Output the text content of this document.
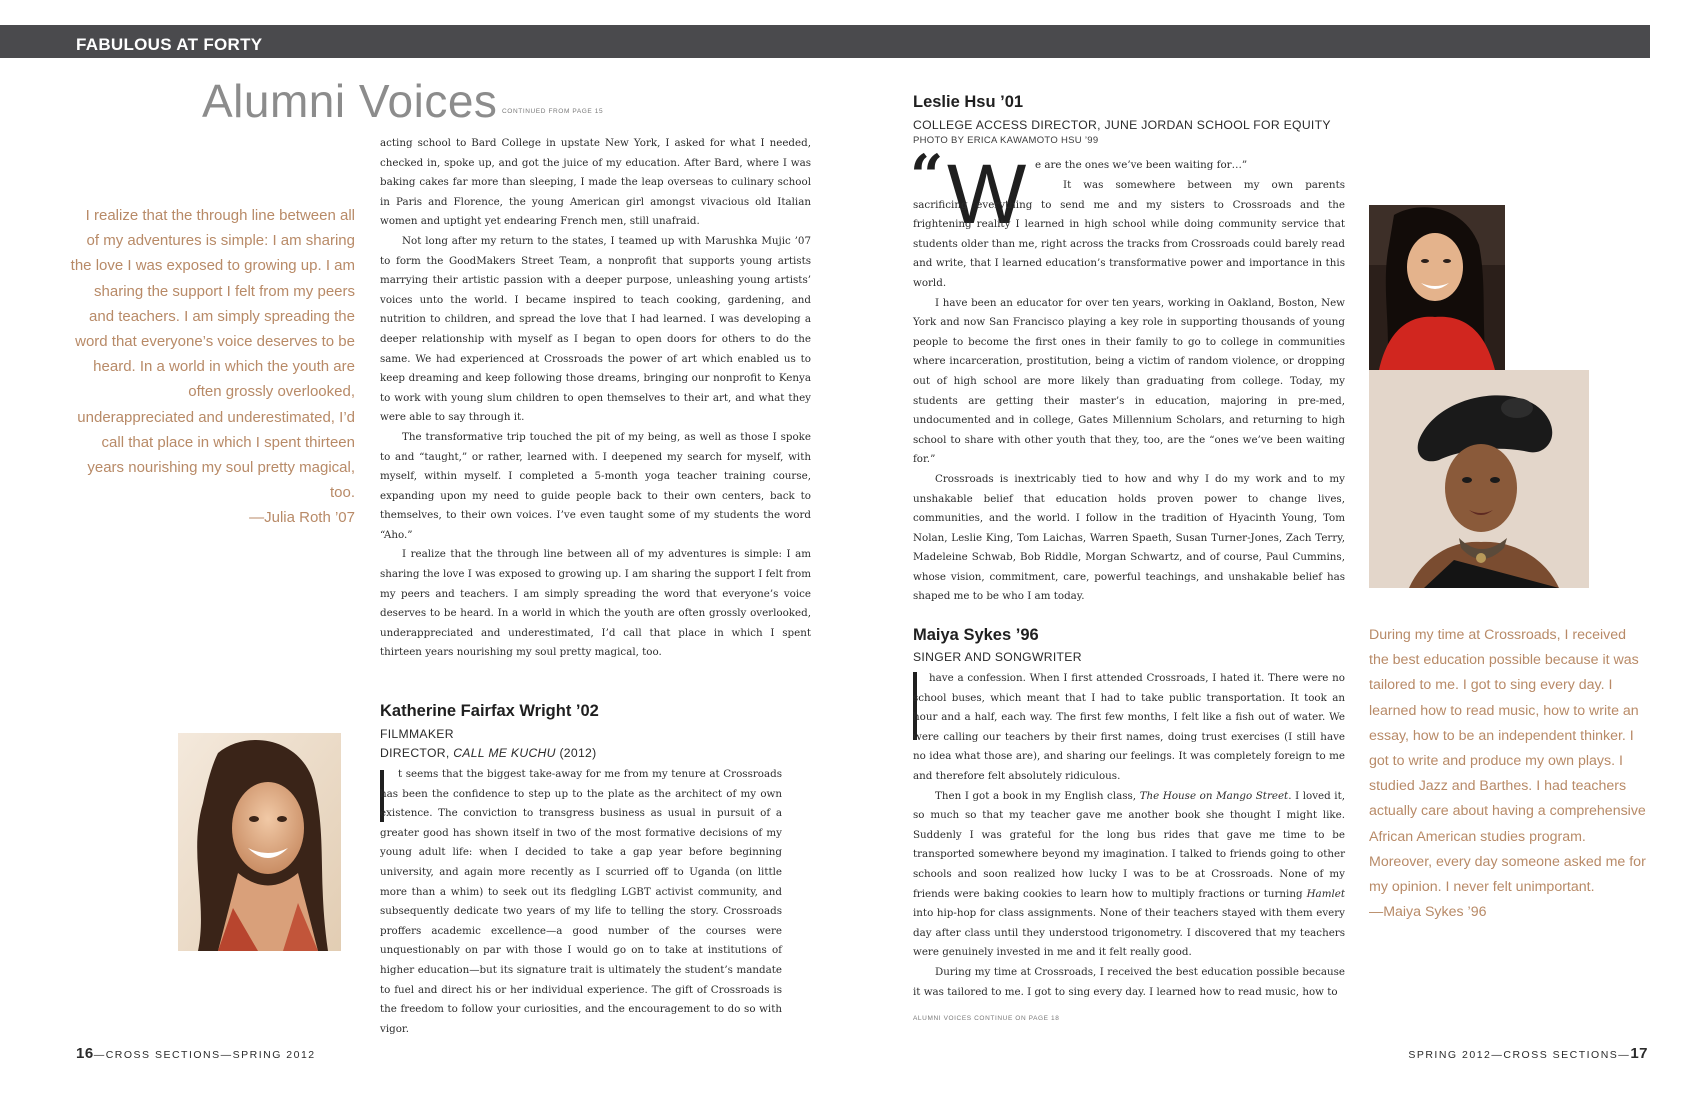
FABULOUS AT FORTY
Alumni Voices CONTINUED FROM PAGE 15
I realize that the through line between all of my adventures is simple: I am sharing the love I was exposed to growing up. I am sharing the support I felt from my peers and teachers. I am simply spreading the word that everyone’s voice deserves to be heard. In a world in which the youth are often grossly overlooked, underappreciated and underestimated, I’d call that place in which I spent thirteen years nourishing my soul pretty magical, too.
—Julia Roth ’07

acting school to Bard College in upstate New York, I asked for what I needed, checked in, spoke up, and got the juice of my education. After Bard, where I was baking cakes far more than sleeping, I made the leap overseas to culinary school in Paris and Florence, the young American girl amongst vivacious old Italian women and uptight yet endearing French men, still unafraid.

Not long after my return to the states, I teamed up with Marushka Mujic ’07 to form the GoodMakers Street Team, a nonprofit that supports young artists marrying their artistic passion with a deeper purpose, unleashing young artists’ voices unto the world. I became inspired to teach cooking, gardening, and nutrition to children, and spread the love that I had learned. I was developing a deeper relationship with myself as I began to open doors for others to do the same. We had experienced at Crossroads the power of art which enabled us to keep dreaming and keep following those dreams, bringing our nonprofit to Kenya to work with young slum children to open themselves to their art, and what they were able to say through it.

The transformative trip touched the pit of my being, as well as those I spoke to and “taught,” or rather, learned with. I deepened my search for myself, with myself, within myself. I completed a 5-month yoga teacher training course, expanding upon my need to guide people back to their own centers, back to themselves, to their own voices. I’ve even taught some of my students the word “Aho.”

I realize that the through line between all of my adventures is simple: I am sharing the love I was exposed to growing up. I am sharing the support I felt from my peers and teachers. I am simply spreading the word that everyone’s voice deserves to be heard. In a world in which the youth are often grossly overlooked, underappreciated and underestimated, I’d call that place in which I spent thirteen years nourishing my soul pretty magical, too.

Katherine Fairfax Wright ’02
FILMMAKER
DIRECTOR, CALL ME KUCHU (2012)

t seems that the biggest take-away for me from my tenure at Crossroads has been the confidence to step up to the plate as the architect of my own existence. The conviction to transgress business as usual in pursuit of a greater good has shown itself in two of the most formative decisions of my young adult life: when I decided to take a gap year before beginning university, and again more recently as I scurried off to Uganda (on little more than a whim) to seek out its fledgling LGBT activist community, and subsequently dedicate two years of my life to telling the story. Crossroads proffers academic excellence—a good number of the courses were unquestionably on par with those I would go on to take at institutions of higher education—but its signature trait is ultimately the student’s mandate to fuel and direct his or her individual experience. The gift of Crossroads is the freedom to follow your curiosities, and the encouragement to do so with vigor.

Leslie Hsu ’01
COLLEGE ACCESS DIRECTOR, JUNE JORDAN SCHOOL FOR EQUITY
PHOTO BY ERICA KAWAMOTO HSU ’99
“ W e are the ones we’ve been waiting for…”

It was somewhere between my own parents sacrificing everything to send me and my sisters to Crossroads and the frightening reality I learned in high school while doing community service that students older than me, right across the tracks from Crossroads could barely read and write, that I learned education’s transformative power and importance in this world.

I have been an educator for over ten years, working in Oakland, Boston, New York and now San Francisco playing a key role in supporting thousands of young people to become the first ones in their family to go to college in communities where incarceration, prostitution, being a victim of random violence, or dropping out of high school are more likely than graduating from college. Today, my students are getting their master’s in education, majoring in pre-med, undocumented and in college, Gates Millennium Scholars, and returning to high school to share with other youth that they, too, are the “ones we’ve been waiting for.”

Crossroads is inextricably tied to how and why I do my work and to my unshakable belief that education holds proven power to change lives, communities, and the world. I follow in the tradition of Hyacinth Young, Tom Nolan, Leslie King, Tom Laichas, Warren Spaeth, Susan Turner-Jones, Zach Terry, Madeleine Schwab, Bob Riddle, Morgan Schwartz, and of course, Paul Cummins, whose vision, commitment, care, powerful teachings, and unshakable belief has shaped me to be who I am today.

Maiya Sykes ’96
SINGER AND SONGWRITER

have a confession. When I first attended Crossroads, I hated it. There were no school buses, which meant that I had to take public transportation. It took an hour and a half, each way. The first few months, I felt like a fish out of water. We were calling our teachers by their first names, doing trust exercises (I still have no idea what those are), and sharing our feelings. It was completely foreign to me and therefore felt absolutely ridiculous.

Then I got a book in my English class, The House on Mango Street. I loved it, so much so that my teacher gave me another book she thought I might like. Suddenly I was grateful for the long bus rides that gave me time to be transported somewhere beyond my imagination. I talked to friends going to other schools and soon realized how lucky I was to be at Crossroads. None of my friends were baking cookies to learn how to multiply fractions or turning Hamlet into hip-hop for class assignments. None of their teachers stayed with them every day after class until they understood trigonometry. I discovered that my teachers were genuinely invested in me and it felt really good.

During my time at Crossroads, I received the best education possible because it was tailored to me. I got to sing every day. I learned how to read music, how to

ALUMNI VOICES CONTINUE ON PAGE 18
During my time at Crossroads, I received the best education possible because it was tailored to me. I got to sing every day. I learned how to read music, how to write an essay, how to be an independent thinker. I got to write and produce my own plays. I studied Jazz and Barthes. I had teachers actually care about having a comprehensive African American studies program. Moreover, every day someone asked me for my opinion. I never felt unimportant.
—Maiya Sykes ’96
16—CROSS SECTIONS—SPRING 2012	SPRING 2012—CROSS SECTIONS—17
